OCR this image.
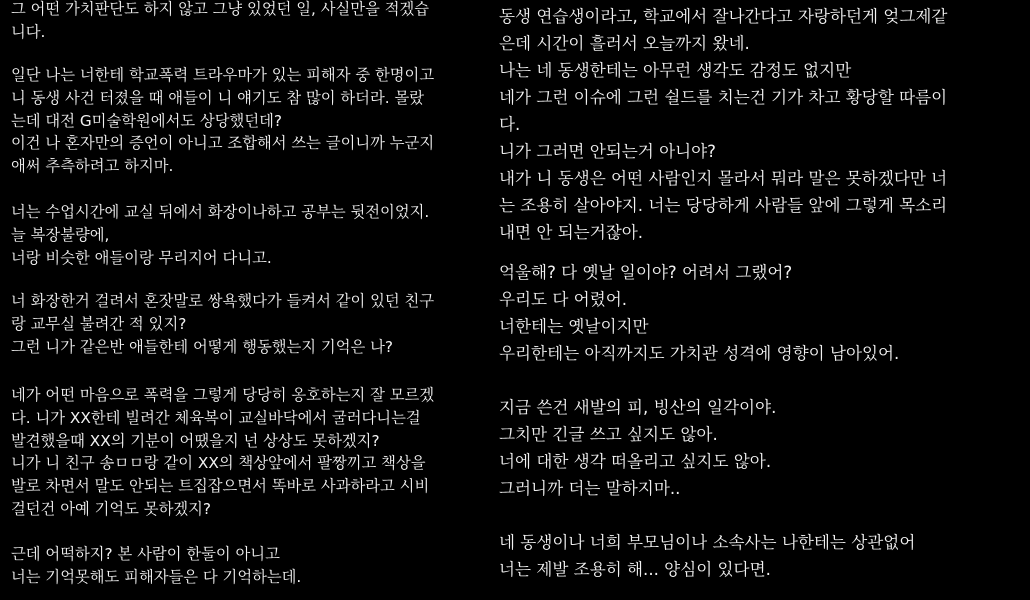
그 어떤 가치판단도 하지 않고 그냥 있었던 일, 사실만을 적겠습
니다.

일단 나는 너한테 학교폭력 트라우마가 있는 피해자 중 한명이고
니 동생 사건 터졌을 때 애들이 니 얘기도 참 많이 하더라. 몰랐
는데 대전 G미술학원에서도 상당했던데?
이건 나 혼자만의 증언이 아니고 조합해서 쓰는 글이니까 누군지
애써 추측하려고 하지마.

너는 수업시간에 교실 뒤에서 화장이나하고 공부는 뒷전이었지.
늘 복장불량에,
너랑 비슷한 애들이랑 무리지어 다니고.

너 화장한거 걸려서 혼잣말로 쌍욕했다가 들켜서 같이 있던 친구
랑 교무실 불려간 적 있지?
그런 니가 같은반 애들한테 어떻게 행동했는지 기억은 나?

네가 어떤 마음으로 폭력을 그렇게 당당히 옹호하는지 잘 모르겠
다. 니가 XX한테 빌려간 체육복이 교실바닥에서 굴러다니는걸
발견했을때 XX의 기분이 어땠을지 넌 상상도 못하겠지?
니가 니 친구 송ㅁㅁ랑 같이 XX의 책상앞에서 팔짱끼고 책상을
발로 차면서 말도 안되는 트집잡으면서 똑바로 사과하라고 시비
걸던건 아예 기억도 못하겠지?

근데 어떡하지? 본 사람이 한둘이 아니고
너는 기억못해도 피해자들은 다 기억하는데.

동생 연습생이라고, 학교에서 잘나간다고 자랑하던게 엊그제같
은데 시간이 흘러서 오늘까지 왔네.
나는 네 동생한테는 아무런 생각도 감정도 없지만
네가 그런 이슈에 그런 쉴드를 치는건 기가 차고 황당할 따름이
다.
니가 그러면 안되는거 아니야?
내가 니 동생은 어떤 사람인지 몰라서 뭐라 말은 못하겠다만 너
는 조용히 살아야지. 너는 당당하게 사람들 앞에 그렇게 목소리
내면 안 되는거잖아.

억울해? 다 옛날 일이야? 어려서 그랬어?
우리도 다 어렸어.
너한테는 옛날이지만
우리한테는 아직까지도 가치관 성격에 영향이 남아있어.

지금 쓴건 새발의 피, 빙산의 일각이야.
그치만 긴글 쓰고 싶지도 않아.
너에 대한 생각 떠올리고 싶지도 않아.
그러니까 더는 말하지마..

네 동생이나 너희 부모님이나 소속사는 나한테는 상관없어
너는 제발 조용히 해... 양심이 있다면.
